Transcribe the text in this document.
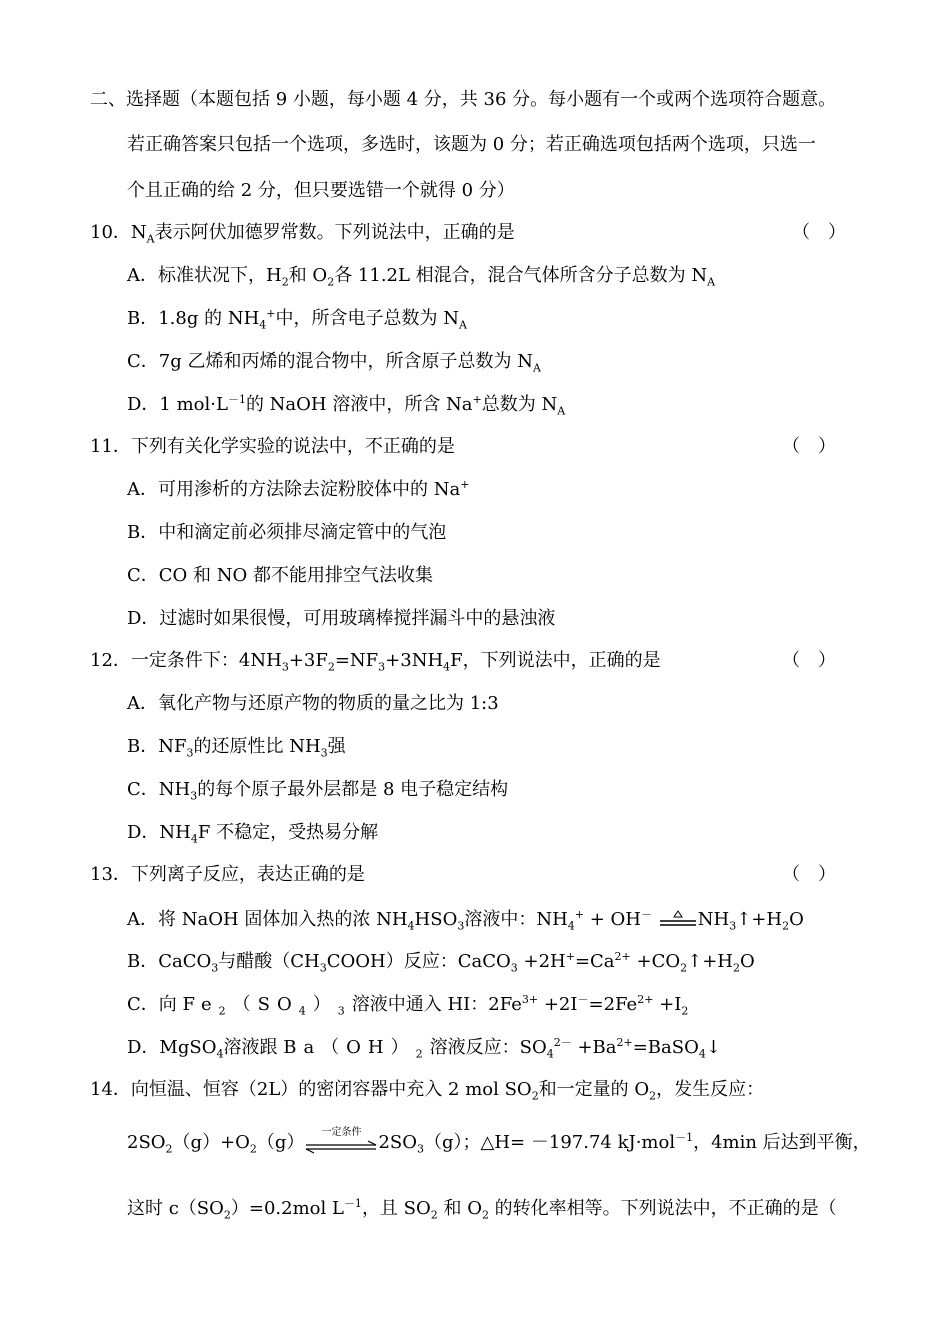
二、选择题（本题包括 9 小题，每小题 4 分，共 36 分。每小题有一个或两个选项符合题意。
若正确答案只包括一个选项，多选时，该题为 0 分；若正确选项包括两个选项，只选一
个且正确的给 2 分，但只要选错一个就得 0 分）
10．$N_A$表示阿伏加德罗常数。下列说法中，正确的是	（　）
A．标准状况下，$H_2$和 $O_2$各 11.2L 相混合，混合气体所含分子总数为 $N_A$
B．1.8g 的 $NH_4^+$中，所含电子总数为 $N_A$
C．7g 乙烯和丙烯的混合物中，所含原子总数为 $N_A$
D．1 $mol\cdot L^{-1}$的 NaOH 溶液中，所含 Na+总数为 $N_A$
11．下列有关化学实验的说法中，不正确的是	（　）
A．可用渗析的方法除去淀粉胶体中的 Na+
B．中和滴定前必须排尽滴定管中的气泡
C．CO 和 NO 都不能用排空气法收集
D．过滤时如果很慢，可用玻璃棒搅拌漏斗中的悬浊液
12．一定条件下：$4NH_3+3F_2=NF_3+3NH_4F$，下列说法中，正确的是	（　）
A．氧化产物与还原产物的物质的量之比为 1:3
B．$NF_3$的还原性比 $NH_3$强
C．$NH_3$的每个原子最外层都是 8 电子稳定结构
D．$NH_4F$ 不稳定，受热易分解
13．下列离子反应，表达正确的是	（　）
A．将 NaOH 固体加入热的浓 $NH_4HSO_3$溶液中：$NH_4^+ + OH^-$	$NH_3↑+H_2O$
B．CaCO$_3$与醋酸$(CH_3COOH)$反应：CaCO$_3$ $+2H^+=Ca^{2+}$ $+CO_2↑+H_2O$
C．向 $Fe_2(SO_4)_3$溶液中通入 HI：$2Fe^{3+} +2I^-=2Fe^{2+} +I_2$
D．MgSO$_4$溶液跟 $Ba(OH)_2$溶液反应：$SO_4^{2-}$ $+Ba^{2+}=BaSO_4↓$
14．向恒温、恒容（2L）的密闭容器中充入 2 mol $SO_2$和一定量的 $O_2$，发生反应：
$2SO_2(g)+O_2(g)$	一定条件 $2SO_3(g)$；△H= －197.74 kJ·mol$^{-1}$，4min 后达到平衡，
这时 $c(SO_2)=0.2mol$ $L^{-1}$，且 $SO_2$ 和 $O_2$ 的转化率相等。下列说法中，不正确的是（
